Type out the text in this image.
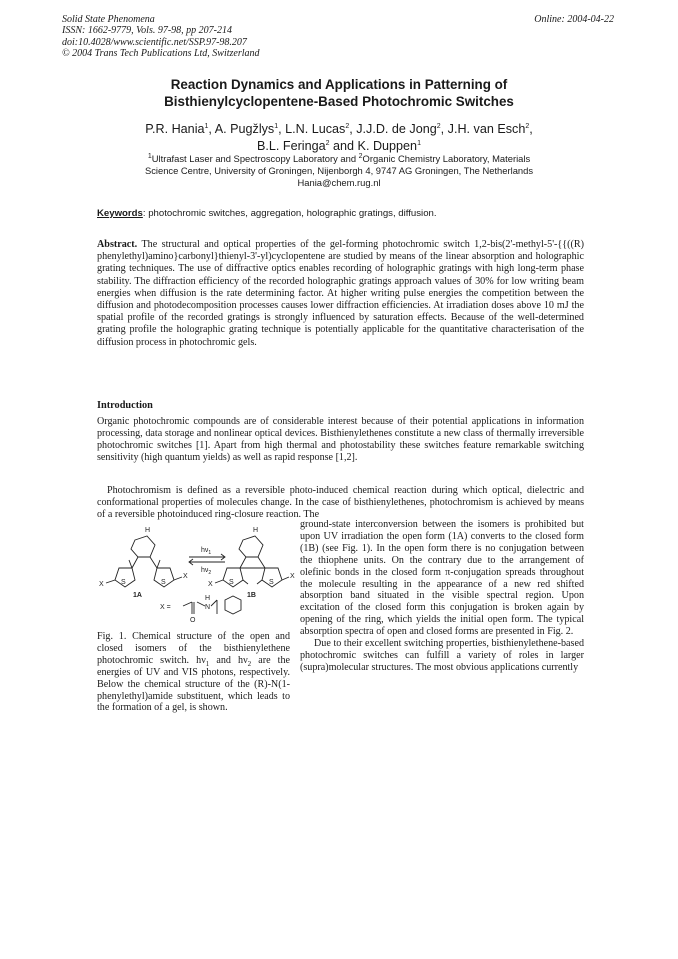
Solid State Phenomena
ISSN: 1662-9779, Vols. 97-98, pp 207-214
doi:10.4028/www.scientific.net/SSP.97-98.207
© 2004 Trans Tech Publications Ltd, Switzerland
Online: 2004-04-22
Reaction Dynamics and Applications in Patterning of
Bisthienylcyclopentene-Based Photochromic Switches
P.R. Hania$^1$, A. Pugžlys$^1$, L.N. Lucas$^2$, J.J.D. de Jong$^2$, J.H. van Esch$^2$,
B.L. Feringa$^2$ and K. Duppen$^1$
$^1$Ultrafast Laser and Spectroscopy Laboratory and $^2$Organic Chemistry Laboratory, Materials
Science Centre, University of Groningen, Nijenborgh 4, 9747 AG Groningen, The Netherlands
Hania@chem.rug.nl
Keywords: photochromic switches, aggregation, holographic gratings, diffusion.
Abstract. The structural and optical properties of the gel-forming photochromic switch 1,2-bis(2'-methyl-5'-{{((R) phenylethyl)amino}carbonyl}thienyl-3'-yl)cyclopentene are studied by means of the linear absorption and holographic grating techniques. The use of diffractive optics enables recording of holographic gratings with high long-term phase stability. The diffraction efficiency of the recorded holographic gratings approach values of 30% for low writing beam energies when diffusion is the rate determining factor. At higher writing pulse energies the competition between the diffusion and photodecomposition processes causes lower diffraction efficiencies. At irradiation doses above 10 mJ the spatial profile of the recorded gratings is strongly influenced by saturation effects. Because of the well-determined grating profile the holographic grating technique is potentially applicable for the quantitative characterisation of the diffusion process in photochromic gels.
Introduction
Organic photochromic compounds are of considerable interest because of their potential applications in information processing, data storage and nonlinear optical devices. Bisthienylethenes constitute a new class of thermally irreversible photochromic switches [1]. Apart from high thermal and photostability these switches feature remarkable switching sensitivity (high quantum yields) as well as rapid response [1,2].
Photochromism is defined as a reversible photo-induced chemical reaction during which optical, dielectric and conformational properties of molecules change. In the case of bisthienylethenes, photochromism is achieved by means of a reversible photoinduced ring-closure reaction. The
H	H
S	S	S	S
X
X
X
X
$h\nu_1$
$h\nu_2$
1A	1B
X =
H
N
O
Fig. 1. Chemical structure of the open and closed isomers of the bisthienylethene photochromic switch. $h\nu_1$ and $h\nu_2$ are the energies of UV and VIS photons, respectively. Below the chemical structure of the (R)-N(1-phenylethyl)amide substituent, which leads to the formation of a gel, is shown.

ground-state interconversion between the isomers is prohibited but upon UV irradiation the open form (1A) converts to the closed form (1B) (see Fig. 1). In the open form there is no conjugation between the thiophene units. On the contrary due to the arrangement of olefinic bonds in the closed form π-conjugation spreads throughout the molecule resulting in the appearance of a new red shifted absorption band situated in the visible spectral region. Upon excitation of the closed form this conjugation is broken again by opening of the ring, which yields the initial open form. The typical absorption spectra of open and closed forms are presented in Fig. 2.

Due to their excellent switching properties, bisthienylethene-based photochromic switches can fulfill a variety of roles in larger (supra)molecular structures. The most obvious applications currently
